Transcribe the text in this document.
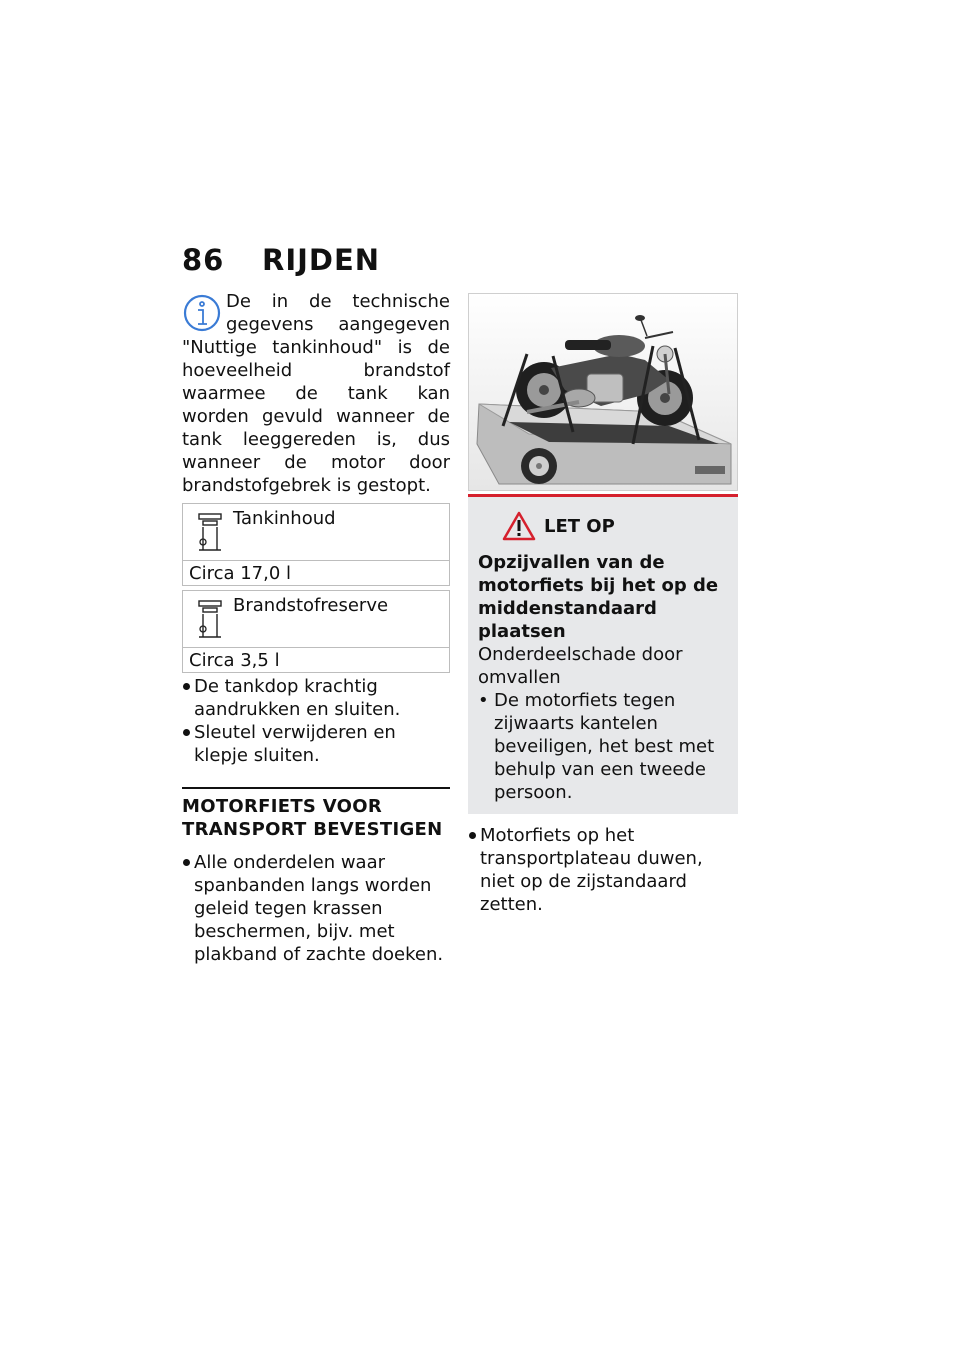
86 RIJDEN
De in de technische gegevens aangegeven "Nuttige tankinhoud" is de hoeveelheid brandstof waarmee de tank kan worden gevuld wanneer de tank leeggereden is, dus wanneer de motor door brandstofgebrek is gestopt.
Tankinhoud
Circa 17,0 l
Brandstofreserve
Circa 3,5 l
De tankdop krachtig aandrukken en sluiten.
Sleutel verwijderen en klepje sluiten.
MOTORFIETS VOOR TRANSPORT BEVESTIGEN
Alle onderdelen waar spanbanden langs worden geleid tegen krassen beschermen, bijv. met plakband of zachte doeken.
LET OP
Opzijvallen van de motorfiets bij het op de middenstandaard plaatsen
Onderdeelschade door omvallen
• De motorfiets tegen zijwaarts kantelen beveiligen, het best met behulp van een tweede persoon.
Motorfiets op het transportplateau duwen, niet op de zijstandaard zetten.
